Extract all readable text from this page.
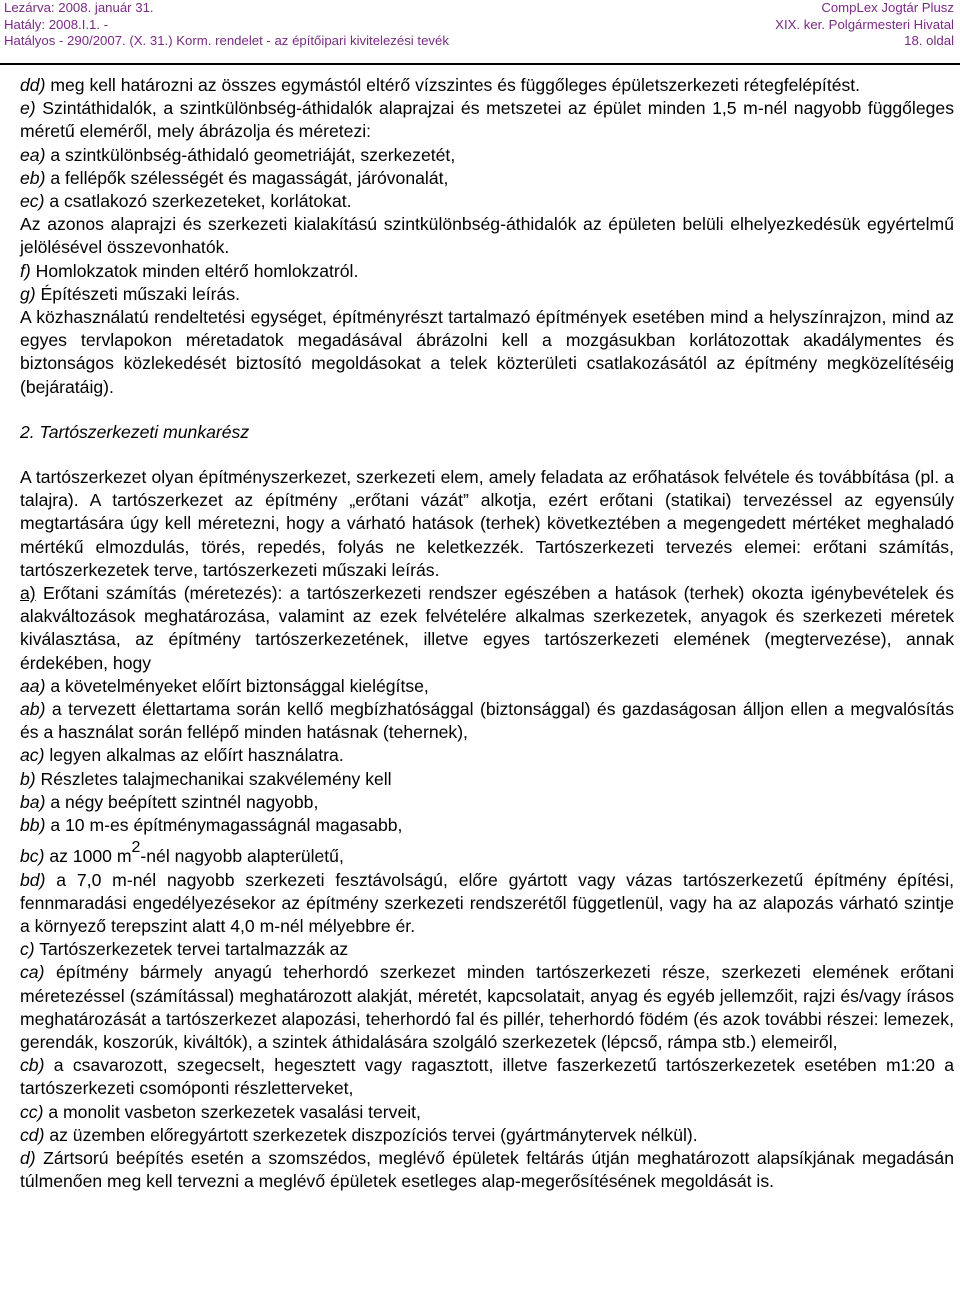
Lezárva: 2008. január 31.
Hatály: 2008.I.1. -
Hatályos - 290/2007. (X. 31.) Korm. rendelet - az építőipari kivitelezési tevék
CompLex Jogtár Plusz
XIX. ker. Polgármesteri Hivatal
18. oldal

dd) meg kell határozni az összes egymástól eltérő vízszintes és függőleges épületszerkezeti rétegfelépítést.

e) Szintáthidalók, a szintkülönbség-áthidalók alaprajzai és metszetei az épület minden 1,5 m-nél nagyobb függőleges méretű eleméről, mely ábrázolja és méretezi:

ea) a szintkülönbség-áthidaló geometriáját, szerkezetét,

eb) a fellépők szélességét és magasságát, járóvonalát,

ec) a csatlakozó szerkezeteket, korlátokat.

Az azonos alaprajzi és szerkezeti kialakítású szintkülönbség-áthidalók az épületen belüli elhelyezkedésük egyértelmű jelölésével összevonhatók.

f) Homlokzatok minden eltérő homlokzatról.

g) Építészeti műszaki leírás.

A közhasználatú rendeltetési egységet, építményrészt tartalmazó építmények esetében mind a helyszínrajzon, mind az egyes tervlapokon méretadatok megadásával ábrázolni kell a mozgásukban korlátozottak akadálymentes és biztonságos közlekedését biztosító megoldásokat a telek közterületi csatlakozásától az építmény megközelítéséig (bejáratáig).

2. Tartószerkezeti munkarész

A tartószerkezet olyan építményszerkezet, szerkezeti elem, amely feladata az erőhatások felvétele és továbbítása (pl. a talajra). A tartószerkezet az építmény „erőtani vázát” alkotja, ezért erőtani (statikai) tervezéssel az egyensúly megtartására úgy kell méretezni, hogy a várható hatások (terhek) következtében a megengedett mértéket meghaladó mértékű elmozdulás, törés, repedés, folyás ne keletkezzék. Tartószerkezeti tervezés elemei: erőtani számítás, tartószerkezetek terve, tartószerkezeti műszaki leírás.

a) Erőtani számítás (méretezés): a tartószerkezeti rendszer egészében a hatások (terhek) okozta igénybevételek és alakváltozások meghatározása, valamint az ezek felvételére alkalmas szerkezetek, anyagok és szerkezeti méretek kiválasztása, az építmény tartószerkezetének, illetve egyes tartószerkezeti elemének (megtervezése), annak érdekében, hogy

aa) a követelményeket előírt biztonsággal kielégítse,

ab) a tervezett élettartama során kellő megbízhatósággal (biztonsággal) és gazdaságosan álljon ellen a megvalósítás és a használat során fellépő minden hatásnak (tehernek),

ac) legyen alkalmas az előírt használatra.

b) Részletes talajmechanikai szakvélemény kell

ba) a négy beépített szintnél nagyobb,

bb) a 10 m-es építménymagasságnál magasabb,

bc) az 1000 $m^2$-nél nagyobb alapterületű,

bd) a 7,0 m-nél nagyobb szerkezeti fesztávolságú, előre gyártott vagy vázas tartószerkezetű építmény építési, fennmaradási engedélyezésekor az építmény szerkezeti rendszerétől függetlenül, vagy ha az alapozás várható szintje a környező terepszint alatt 4,0 m-nél mélyebbre ér.

c) Tartószerkezetek tervei tartalmazzák az

ca) építmény bármely anyagú teherhordó szerkezet minden tartószerkezeti része, szerkezeti elemének erőtani méretezéssel (számítással) meghatározott alakját, méretét, kapcsolatait, anyag és egyéb jellemzőit, rajzi és/vagy írásos meghatározását a tartószerkezet alapozási, teherhordó fal és pillér, teherhordó födém (és azok további részei: lemezek, gerendák, koszorúk, kiváltók), a szintek áthidalására szolgáló szerkezetek (lépcső, rámpa stb.) elemeiről,

cb) a csavarozott, szegecselt, hegesztett vagy ragasztott, illetve faszerkezetű tartószerkezetek esetében m1:20 a tartószerkezeti csomóponti részletterveket,

cc) a monolit vasbeton szerkezetek vasalási terveit,

cd) az üzemben előregyártott szerkezetek diszpozíciós tervei (gyártmánytervek nélkül).

d) Zártsorú beépítés esetén a szomszédos, meglévő épületek feltárás útján meghatározott alapsíkjának megadásán túlmenően meg kell tervezni a meglévő épületek esetleges alap-megerősítésének megoldását is.
